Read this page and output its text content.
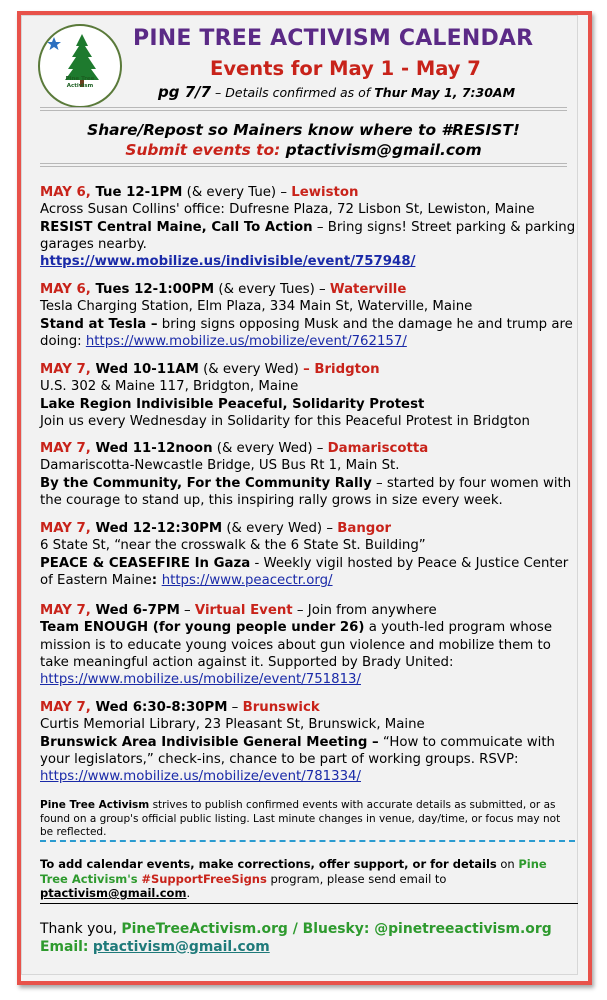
Pine Tree
Activism
PINE TREE ACTIVISM CALENDAR
Events for May 1 - May 7
pg 7/7 – Details confirmed as of Thur May 1, 7:30AM
Share/Repost so Mainers know where to #RESIST!
Submit events to: ptactivism@gmail.com
MAY 6, Tue 12-1PM (& every Tue) – Lewiston
Across Susan Collins' office: Dufresne Plaza, 72 Lisbon St, Lewiston, Maine
RESIST Central Maine, Call To Action – Bring signs! Street parking & parking garages nearby.
https://www.mobilize.us/indivisible/event/757948/
MAY 6, Tues 12-1:00PM (& every Tues) – Waterville
Tesla Charging Station, Elm Plaza, 334 Main St, Waterville, Maine
Stand at Tesla – bring signs opposing Musk and the damage he and trump are doing: https://www.mobilize.us/mobilize/event/762157/
MAY 7, Wed 10-11AM (& every Wed) – Bridgton
U.S. 302 & Maine 117, Bridgton, Maine
Lake Region Indivisible Peaceful, Solidarity Protest
Join us every Wednesday in Solidarity for this Peaceful Protest in Bridgton
MAY 7, Wed 11-12noon (& every Wed) – Damariscotta
Damariscotta-Newcastle Bridge, US Bus Rt 1, Main St.
By the Community, For the Community Rally – started by four women with the courage to stand up, this inspiring rally grows in size every week.
MAY 7, Wed 12-12:30PM (& every Wed) – Bangor
6 State St, “near the crosswalk & the 6 State St. Building”
PEACE & CEASEFIRE In Gaza - Weekly vigil hosted by Peace & Justice Center of Eastern Maine: https://www.peacectr.org/
MAY 7, Wed 6-7PM – Virtual Event – Join from anywhere
Team ENOUGH (for young people under 26) a youth-led program whose mission is to educate young voices about gun violence and mobilize them to take meaningful action against it. Supported by Brady United:
https://www.mobilize.us/mobilize/event/751813/
MAY 7, Wed 6:30-8:30PM – Brunswick
Curtis Memorial Library, 23 Pleasant St, Brunswick, Maine
Brunswick Area Indivisible General Meeting – “How to commuicate with your legislators,” check-ins, chance to be part of working groups. RSVP: https://www.mobilize.us/mobilize/event/781334/
Pine Tree Activism strives to publish confirmed events with accurate details as submitted, or as found on a group's official public listing. Last minute changes in venue, day/time, or focus may not be reflected.
To add calendar events, make corrections, offer support, or for details on Pine Tree Activism's #SupportFreeSigns program, please send email to
ptactivism@gmail.com.
Thank you, PineTreeActivism.org / Bluesky: @pinetreeactivism.org
Email: ptactivism@gmail.com
